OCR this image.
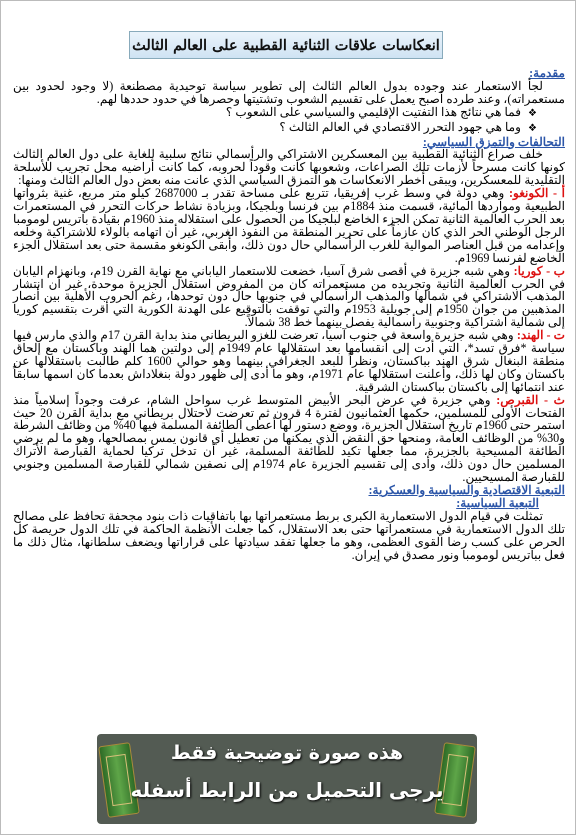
انعكاسات علاقات الثنائية القطبية على العالم الثالث

مقدمة:

لجأ الاستعمار عند وجوده بدول العالم الثالث إلى تطوير سياسة توحيدية مصطنعة (لا وجود لحدود بين مستعمراته)، وعند طرده أصبح يعمل على تقسيم الشعوب وتشتيتها وحصرها في حدود حددها لهم.

❖فما هي نتائج هذا التفتيت الإقليمي والسياسي على الشعوب ؟

❖وما هي جهود التحرر الاقتصادي في العالم الثالث ؟

التحالفات والتمزق السياسي:

خلف صراع الثنائية القطبية بين المعسكرين الاشتراكي والرأسمالي نتائج سلبية للغاية على دول العالم الثالث كونها كانت مسرحاً لأزمات تلك الصراعات، وشعوبها كانت وقوداً لحروبه، كما كانت أراضيه محل تجريب للأسلحة التقليدية للمعسكرين، ويبقى أخطر الانعكاسات هو التمزق السياسي الذي عانت منه بعض دول العالم الثالث ومنها:

أ - الكونغو: وهي دولة في وسط غرب إفريقيا، تتربع على مساحة تقدر بـ 2687000 كيلو متر مربع، غنية بثرواتها الطبيعية ومواردها المائية، قسمت منذ 1884م بين فرنسا وبلجيكا، وبزيادة نشاط حركات التحرر في المستعمرات بعد الحرب العالمية الثانية تمكن الجزء الخاضع لبلجيكا من الحصول على استقلاله منذ 1960م بقيادة باتريس لومومبا الرجل الوطني الحر الذي كان عازماً على تحرير المنطقة من النفوذ الغربي، غير أن اتهامه بالولاء للاشتراكية وخلعه وإعدامه من قبل العناصر الموالية للغرب الرأسمالي حال دون ذلك، وأبقى الكونغو مقسمة حتى بعد استقلال الجزء الخاضع لفرنسا 1969م.

ب - كوريا: وهي شبه جزيرة في أقصى شرق آسيا، خضعت للاستعمار الياباني مع نهاية القرن 19م، وبانهزام اليابان في الحرب العالمية الثانية وتجريده من مستعمراته كان من المفروض استقلال الجزيرة موحدة، غير أن انتشار المذهب الاشتراكي في شمالها والمذهب الرأسمالي في جنوبها حال دون توحدها، رغم الحروب الأهلية بين أنصار المذهبين من جوان 1950م إلى جويلية 1953م والتي توقفت بالتوقيع على الهدنة الكورية التي أقرت بتقسيم كوريا إلى شمالية اشتراكية وجنوبية رأسمالية يفصل بينهما خط 38 شمالاً.

ت - الهند: وهي شبه جزيرة واسعة في جنوب آسيا، تعرضت للغزو البريطاني منذ بداية القرن 17م والذي مارس فيها سياسة *فرق تسد*، التي أدت إلى انقسامها بعد استقلالها عام 1949م إلى دولتين هما الهند وباكستان مع إلحاق منطقة البنغال شرق الهند بباكستان، ونظراً للبعد الجغرافي بينهما وهو حوالي 1600 كلم طالبت باستقلالها عن باكستان وكان لها ذلك، وأعلنت استقلالها عام 1971م، وهو ما أدى إلى ظهور دولة بنغلاداش بعدما كان اسمها سابقاً عند انتمائها إلى باكستان بباكستان الشرقية.

ث - القبرص: وهي جزيرة في عرض البحر الأبيض المتوسط غرب سواحل الشام، عرفت وجوداً إسلامياً منذ الفتحات الأولى للمسلمين، حكمها العثمانيون لفترة 4 قرون ثم تعرضت لاحتلال بريطاني مع بداية القرن 20 حيث استمر حتى 1960م تاريخ استقلال الجزيرة، ووضع دستور لها أعطى الطائفة المسلمة فيها 40% من وظائف الشرطة و30% من الوظائف العامة، ومنحها حق النقض الذي يمكنها من تعطيل أي قانون يمس بمصالحها، وهو ما لم يرضي الطائفة المسيحية بالجزيرة، مما جعلها تكيد للطائفة المسلمة، غير أن تدخل تركيا لحماية القبارصة الأتراك المسلمين حال دون ذلك، وأدى إلى تقسيم الجزيرة عام 1974م إلى نصفين شمالي للقبارصة المسلمين وجنوبي للقبارصة المسيحيين.

التبعية الاقتصادية والسياسية والعسكرية:

التبعية السياسية:

تمثلت في قيام الدول الاستعمارية الكبرى بربط مستعمراتها بها باتفاقيات ذات بنود مجحفة تحافظ على مصالح تلك الدول الاستعمارية في مستعمراتها حتى بعد الاستقلال، كما جعلت الأنظمة الحاكمة في تلك الدول حريصة كل الحرص على كسب رضا القوى العظمى، وهو ما جعلها تفقد سيادتها على قراراتها ويضعف سلطانها، مثال ذلك ما فعل بباتريس لومومبا ونور مصدق في إيران.

هذه صورة توضيحية فقط
يرجى التحميل من الرابط أسفله
